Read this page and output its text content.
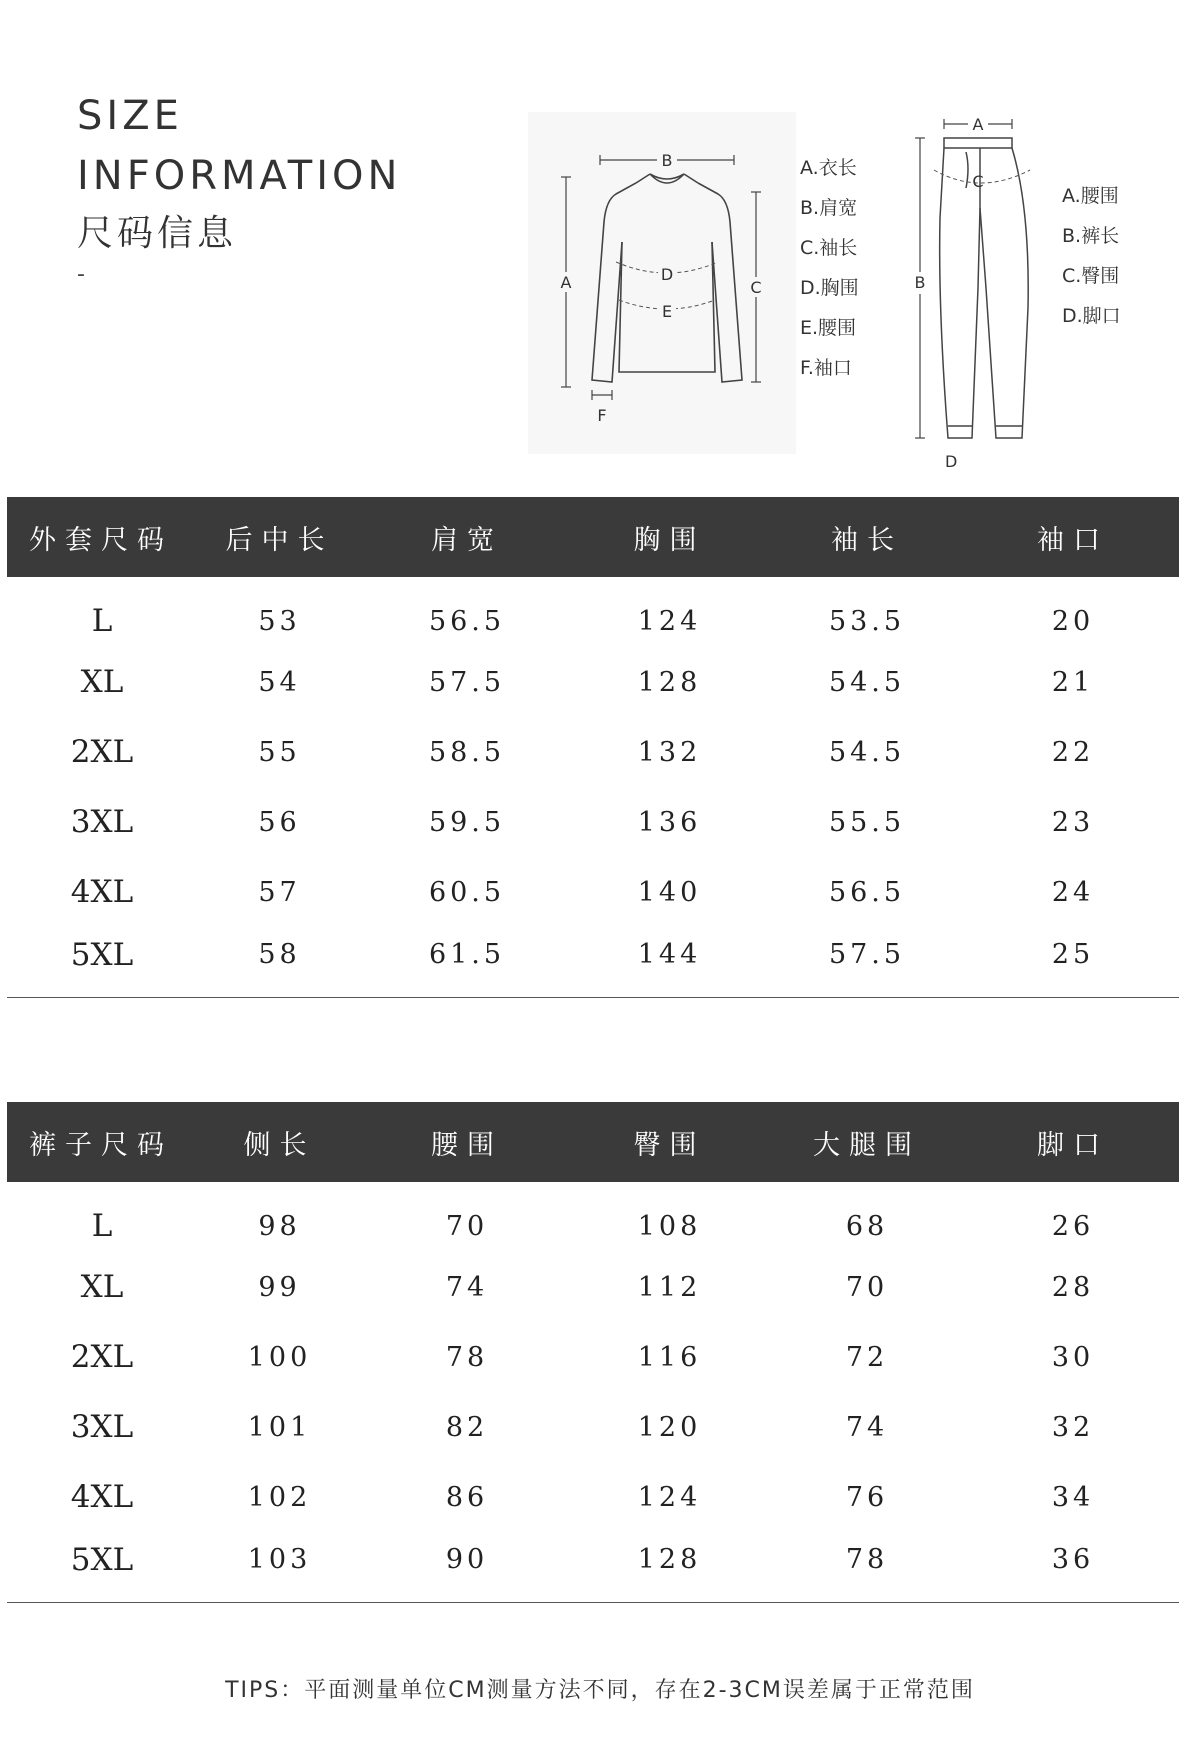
SIZE
INFORMATION

尺码信息

-

B
A	C
D
E
F
A.衣长
B.肩宽
C.袖长
D.胸围
E.腰围
F.袖口
A
B
C
A.腰围
B.裤长
C.臀围
D.脚口
D
外套尺码	后中长	肩宽	胸围	袖长	袖口
L	53	56.5	124	53.5	20
XL	54	57.5	128	54.5	21
2XL	55	58.5	132	54.5	22
3XL	56	59.5	136	55.5	23
4XL	57	60.5	140	56.5	24
5XL	58	61.5	144	57.5	25
裤子尺码	侧长	腰围	臀围	大腿围	脚口
L	98	70	108	68	26
XL	99	74	112	70	28
2XL	100	78	116	72	30
3XL	101	82	120	74	32
4XL	102	86	124	76	34
5XL	103	90	128	78	36

TIPS：平面测量单位CM测量方法不同，存在2-3CM误差属于正常范围
